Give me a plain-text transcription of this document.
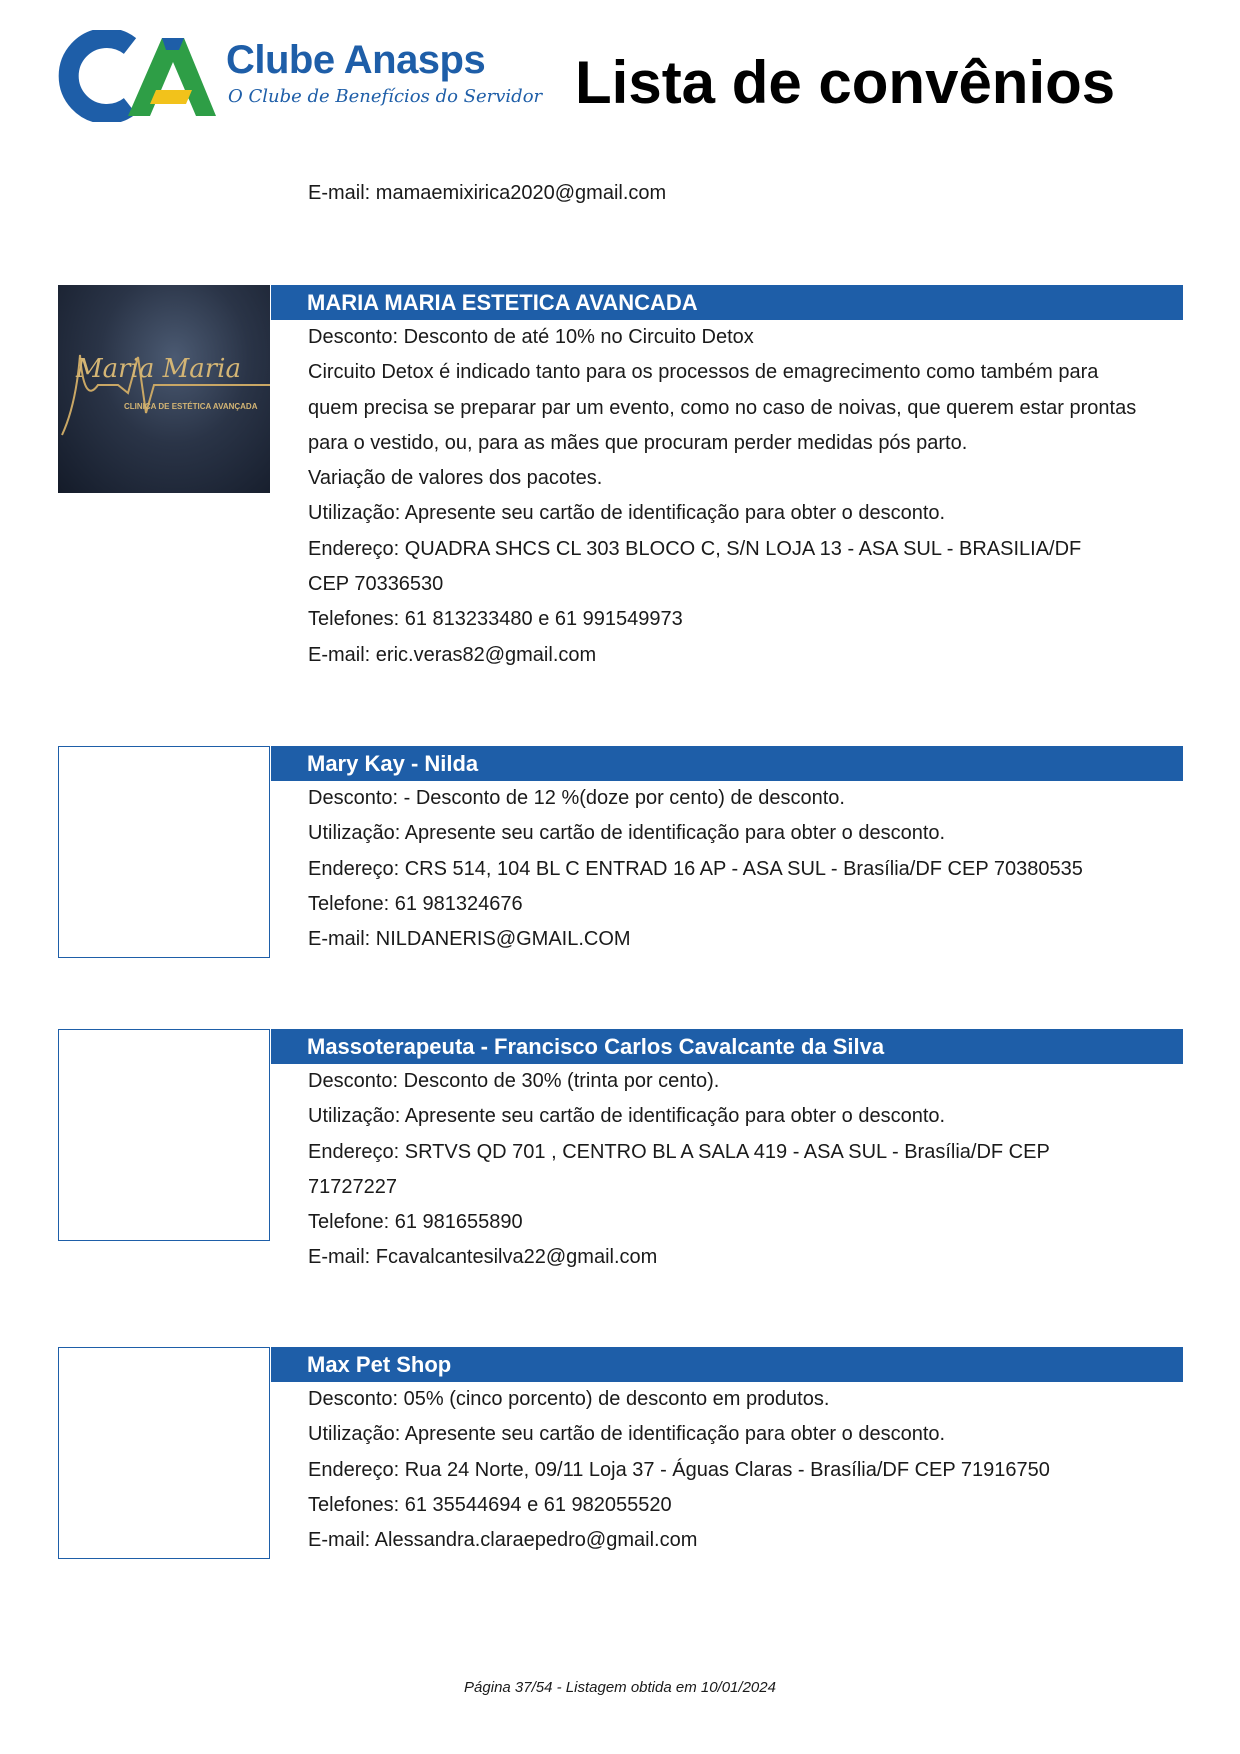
Clube Anasps
O Clube de Benefícios do Servidor Lista de convênios
E-mail: mamaemixirica2020@gmail.com
Maria Maria
CLINICA DE ESTÉTICA AVANÇADA
MARIA MARIA ESTETICA AVANCADA
Desconto: Desconto de até 10% no Circuito Detox
Circuito Detox é indicado tanto para os processos de emagrecimento como também para
quem precisa se preparar par um evento, como no caso de noivas, que querem estar prontas
para o vestido, ou, para as mães que procuram perder medidas pós parto.
Variação de valores dos pacotes.
Utilização: Apresente seu cartão de identificação para obter o desconto.
Endereço: QUADRA SHCS CL 303 BLOCO C, S/N LOJA 13 - ASA SUL - BRASILIA/DF
CEP 70336530
Telefones: 61 813233480 e 61 991549973
E-mail: eric.veras82@gmail.com
Mary Kay - Nilda
Desconto: - Desconto de 12 %(doze por cento) de desconto.
Utilização: Apresente seu cartão de identificação para obter o desconto.
Endereço: CRS 514, 104 BL C ENTRAD 16 AP - ASA SUL - Brasília/DF CEP 70380535
Telefone: 61 981324676
E-mail: NILDANERIS@GMAIL.COM
Massoterapeuta - Francisco Carlos Cavalcante da Silva
Desconto: Desconto de 30% (trinta por cento).
Utilização: Apresente seu cartão de identificação para obter o desconto.
Endereço: SRTVS QD 701 , CENTRO BL A SALA 419 - ASA SUL - Brasília/DF CEP
71727227
Telefone: 61 981655890
E-mail: Fcavalcantesilva22@gmail.com
Max Pet Shop
Desconto: 05% (cinco porcento) de desconto em produtos.
Utilização: Apresente seu cartão de identificação para obter o desconto.
Endereço: Rua 24 Norte, 09/11 Loja 37 - Águas Claras - Brasília/DF CEP 71916750
Telefones: 61 35544694 e 61 982055520
E-mail: Alessandra.claraepedro@gmail.com
Página 37/54 - Listagem obtida em 10/01/2024
